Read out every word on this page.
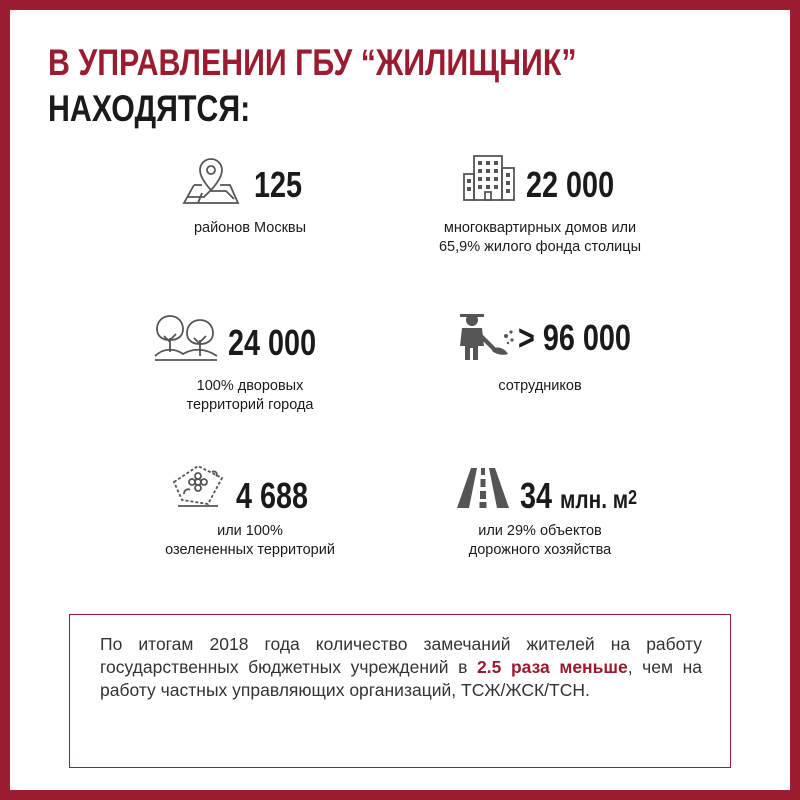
В УПРАВЛЕНИИ ГБУ “ЖИЛИЩНИК”
НАХОДЯТСЯ:
125
районов Москвы
22 000
многоквартирных домов или
65,9% жилого фонда столицы
24 000
100% дворовых
территорий города
> 96 000
сотрудников
4 688
или 100%
озелененных территорий
34 млн. $м^2$
или 29% объектов
дорожного хозяйства

По итогам 2018 года количество замечаний жителей на работу государственных бюджетных учреждений в 2.5 раза меньше, чем на работу частных управляющих организаций, ТСЖ/ЖСК/ТСН.
